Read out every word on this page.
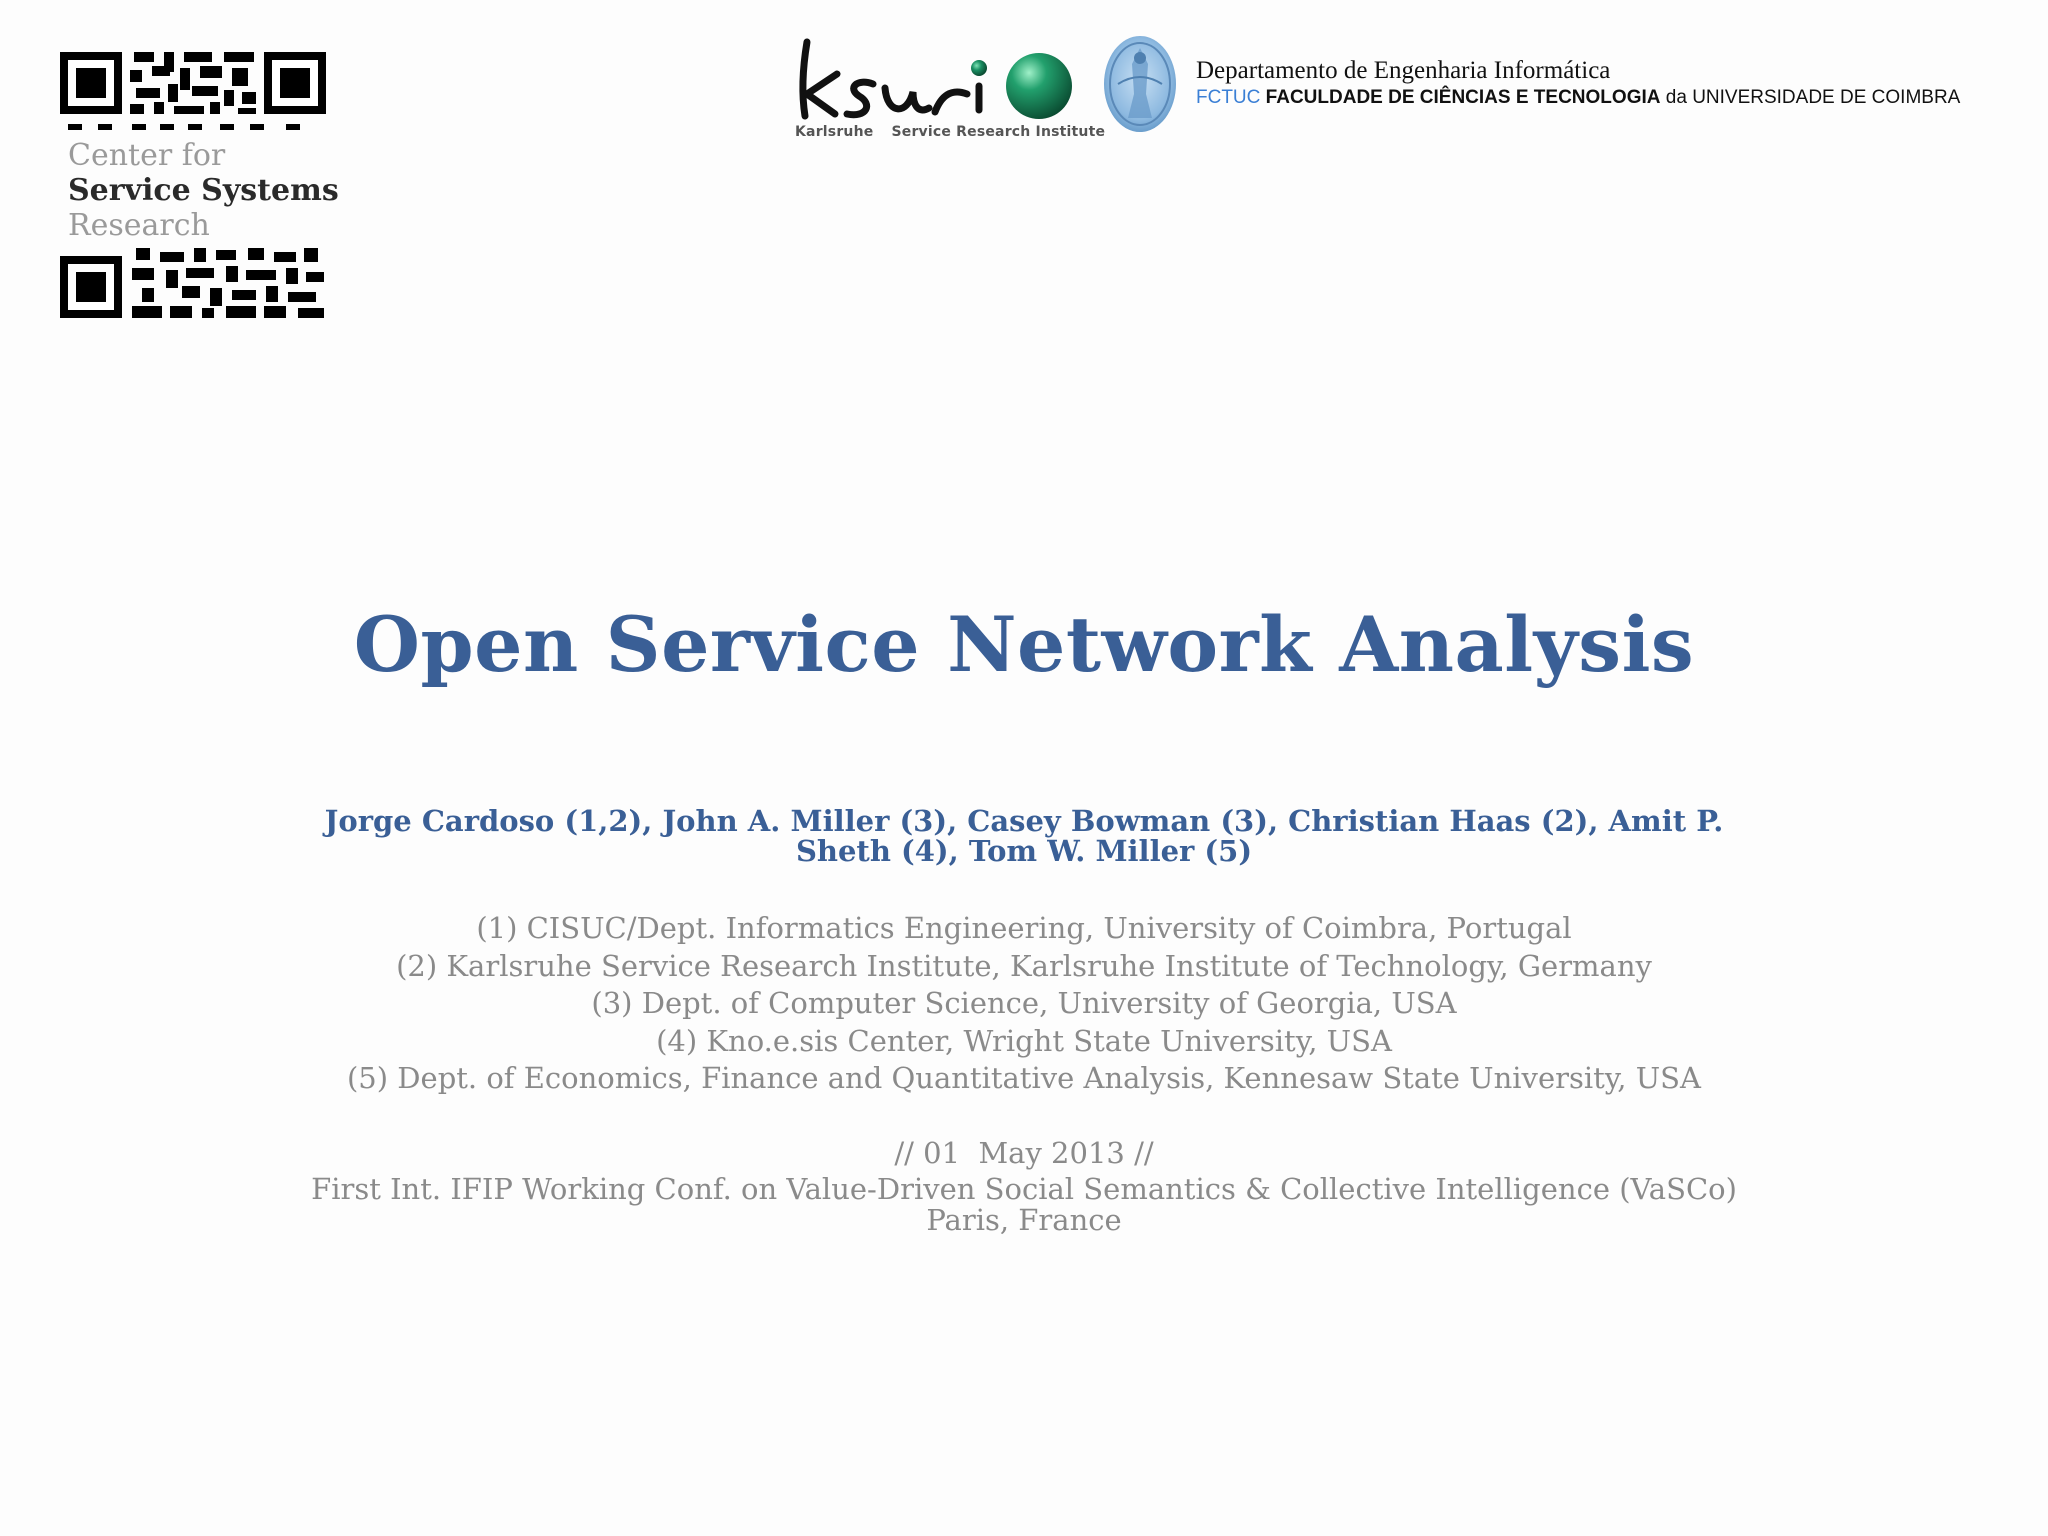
Center for
Service Systems
Research
Karlsruhe Service Research Institute
Departamento de Engenharia Informática
FCTUC FACULDADE DE CIÊNCIAS E TECNOLOGIA da UNIVERSIDADE DE COIMBRA
Open Service Network Analysis
Jorge Cardoso (1,2), John A. Miller (3), Casey Bowman (3), Christian Haas (2), Amit P. Sheth (4), Tom W. Miller (5)
(1) CISUC/Dept. Informatics Engineering, University of Coimbra, Portugal
(2) Karlsruhe Service Research Institute, Karlsruhe Institute of Technology, Germany
(3) Dept. of Computer Science, University of Georgia, USA
(4) Kno.e.sis Center, Wright State University, USA
(5) Dept. of Economics, Finance and Quantitative Analysis, Kennesaw State University, USA
// 01  May 2013 //
First Int. IFIP Working Conf. on Value-Driven Social Semantics & Collective Intelligence (VaSCo)
Paris, France
